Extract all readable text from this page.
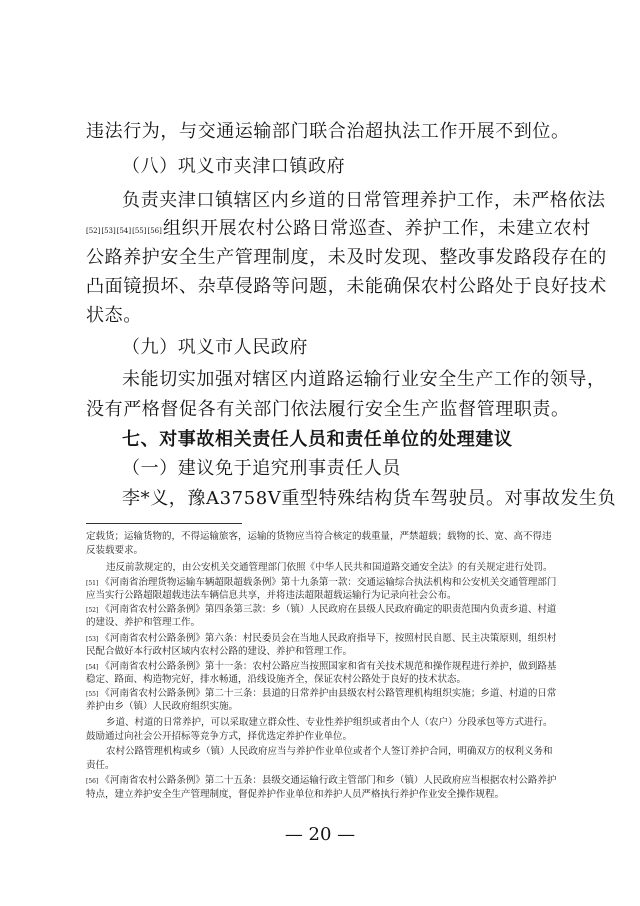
违法行为，与交通运输部门联合治超执法工作开展不到位。
（八）巩义市夹津口镇政府
负责夹津口镇辖区内乡道的日常管理养护工作，未严格依法
[52][53][54][55][56]组织开展农村公路日常巡查、养护工作，未建立农村
公路养护安全生产管理制度，未及时发现、整改事发路段存在的
凸面镜损坏、杂草侵路等问题，未能确保农村公路处于良好技术
状态。
（九）巩义市人民政府
未能切实加强对辖区内道路运输行业安全生产工作的领导，
没有严格督促各有关部门依法履行安全生产监督管理职责。
七、对事故相关责任人员和责任单位的处理建议
（一）建议免于追究刑事责任人员
李*义，豫A3758V重型特殊结构货车驾驶员。对事故发生负
定载货；运输货物的，不得运输旅客，运输的货物应当符合核定的载重量，严禁超载；载物的长、宽、高不得违
反装载要求。
违反前款规定的，由公安机关交通管理部门依照《中华人民共和国道路交通安全法》的有关规定进行处罚。
[51] 《河南省治理货物运输车辆超限超载条例》第十九条第一款：交通运输综合执法机构和公安机关交通管理部门
应当实行公路超限超载违法车辆信息共享，并将违法超限超载运输行为记录向社会公布。
[52] 《河南省农村公路条例》第四条第三款：乡（镇）人民政府在县级人民政府确定的职责范围内负责乡道、村道
的建设、养护和管理工作。
[53] 《河南省农村公路条例》第六条：村民委员会在当地人民政府指导下，按照村民自愿、民主决策原则，组织村
民配合做好本行政村区域内农村公路的建设、养护和管理工作。
[54] 《河南省农村公路条例》第十一条：农村公路应当按照国家和省有关技术规范和操作规程进行养护，做到路基
稳定、路面、构造物完好，排水畅通，沿线设施齐全，保证农村公路处于良好的技术状态。
[55] 《河南省农村公路条例》第二十三条：县道的日常养护由县级农村公路管理机构组织实施；乡道、村道的日常
养护由乡（镇）人民政府组织实施。
乡道、村道的日常养护，可以采取建立群众性、专业性养护组织或者由个人（农户）分段承包等方式进行。
鼓励通过向社会公开招标等竞争方式，择优选定养护作业单位。
农村公路管理机构或乡（镇）人民政府应当与养护作业单位或者个人签订养护合同，明确双方的权利义务和
责任。
[56] 《河南省农村公路条例》第二十五条：县级交通运输行政主管部门和乡（镇）人民政府应当根据农村公路养护
特点，建立养护安全生产管理制度，督促养护作业单位和养护人员严格执行养护作业安全操作规程。
— 20 —
